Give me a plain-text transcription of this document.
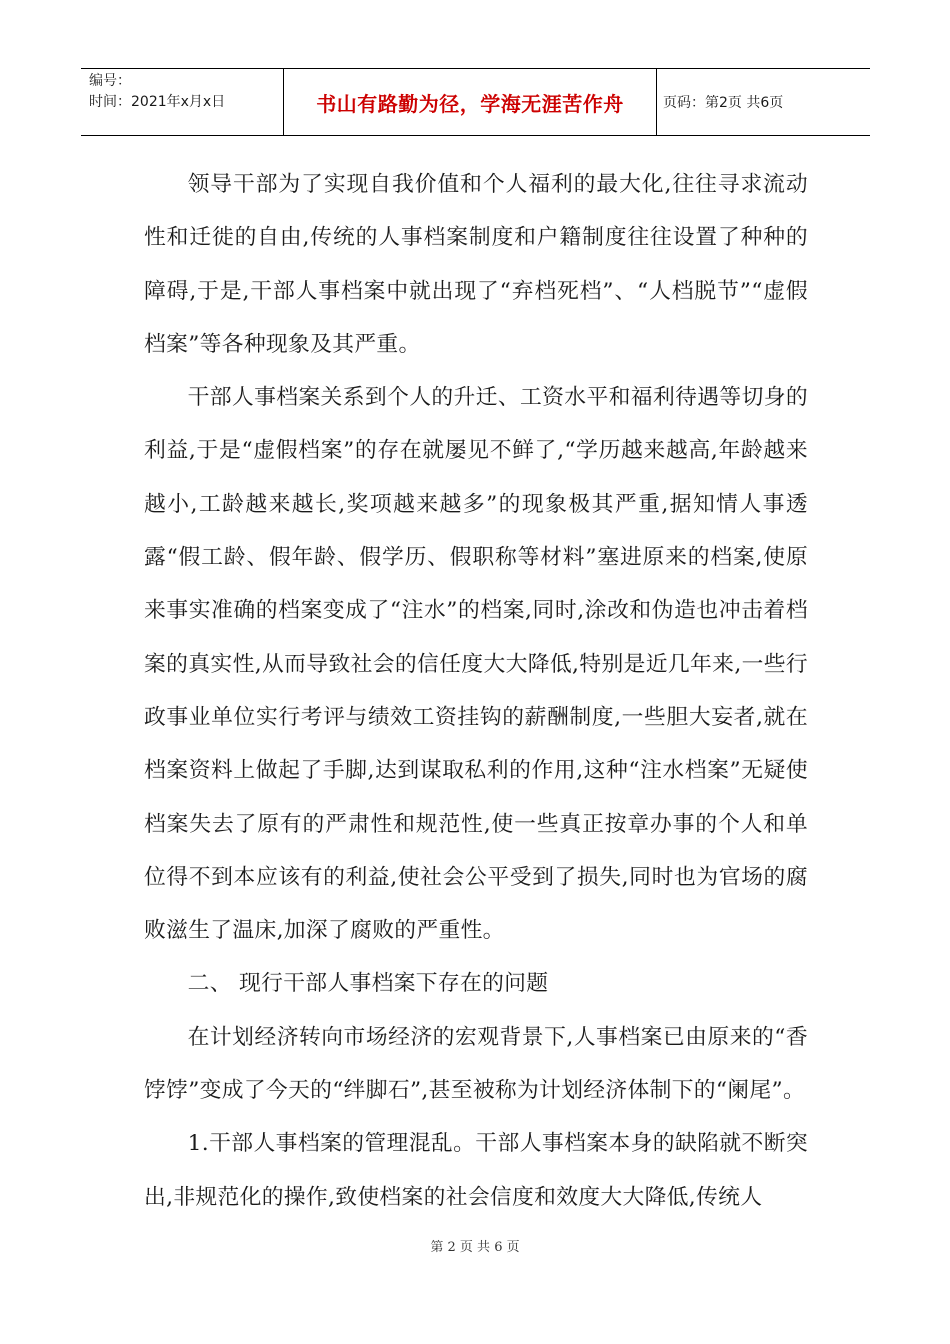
编号：
时间：2021年x月x日	书山有路勤为径，学海无涯苦作舟	页码：第2页 共6页

领导干部为了实现自我价值和个人福利的最大化,往往寻求流动性和迁徙的自由,传统的人事档案制度和户籍制度往往设置了种种的障碍,于是,干部人事档案中就出现了“弃档死档”、“人档脱节”“虚假档案”等各种现象及其严重。

干部人事档案关系到个人的升迁、工资水平和福利待遇等切身的利益,于是“虚假档案”的存在就屡见不鲜了,“学历越来越高,年龄越来越小,工龄越来越长,奖项越来越多”的现象极其严重,据知情人事透露“假工龄、假年龄、假学历、假职称等材料”塞进原来的档案,使原来事实准确的档案变成了“注水”的档案,同时,涂改和伪造也冲击着档案的真实性,从而导致社会的信任度大大降低,特别是近几年来,一些行政事业单位实行考评与绩效工资挂钩的薪酬制度,一些胆大妄者,就在档案资料上做起了手脚,达到谋取私利的作用,这种“注水档案”无疑使档案失去了原有的严肃性和规范性,使一些真正按章办事的个人和单位得不到本应该有的利益,使社会公平受到了损失,同时也为官场的腐败滋生了温床,加深了腐败的严重性。

二、 现行干部人事档案下存在的问题

在计划经济转向市场经济的宏观背景下,人事档案已由原来的“香饽饽”变成了今天的“绊脚石”,甚至被称为计划经济体制下的“阑尾”。

1.干部人事档案的管理混乱。干部人事档案本身的缺陷就不断突出,非规范化的操作,致使档案的社会信度和效度大大降低,传统人

第 2 页 共 6 页
